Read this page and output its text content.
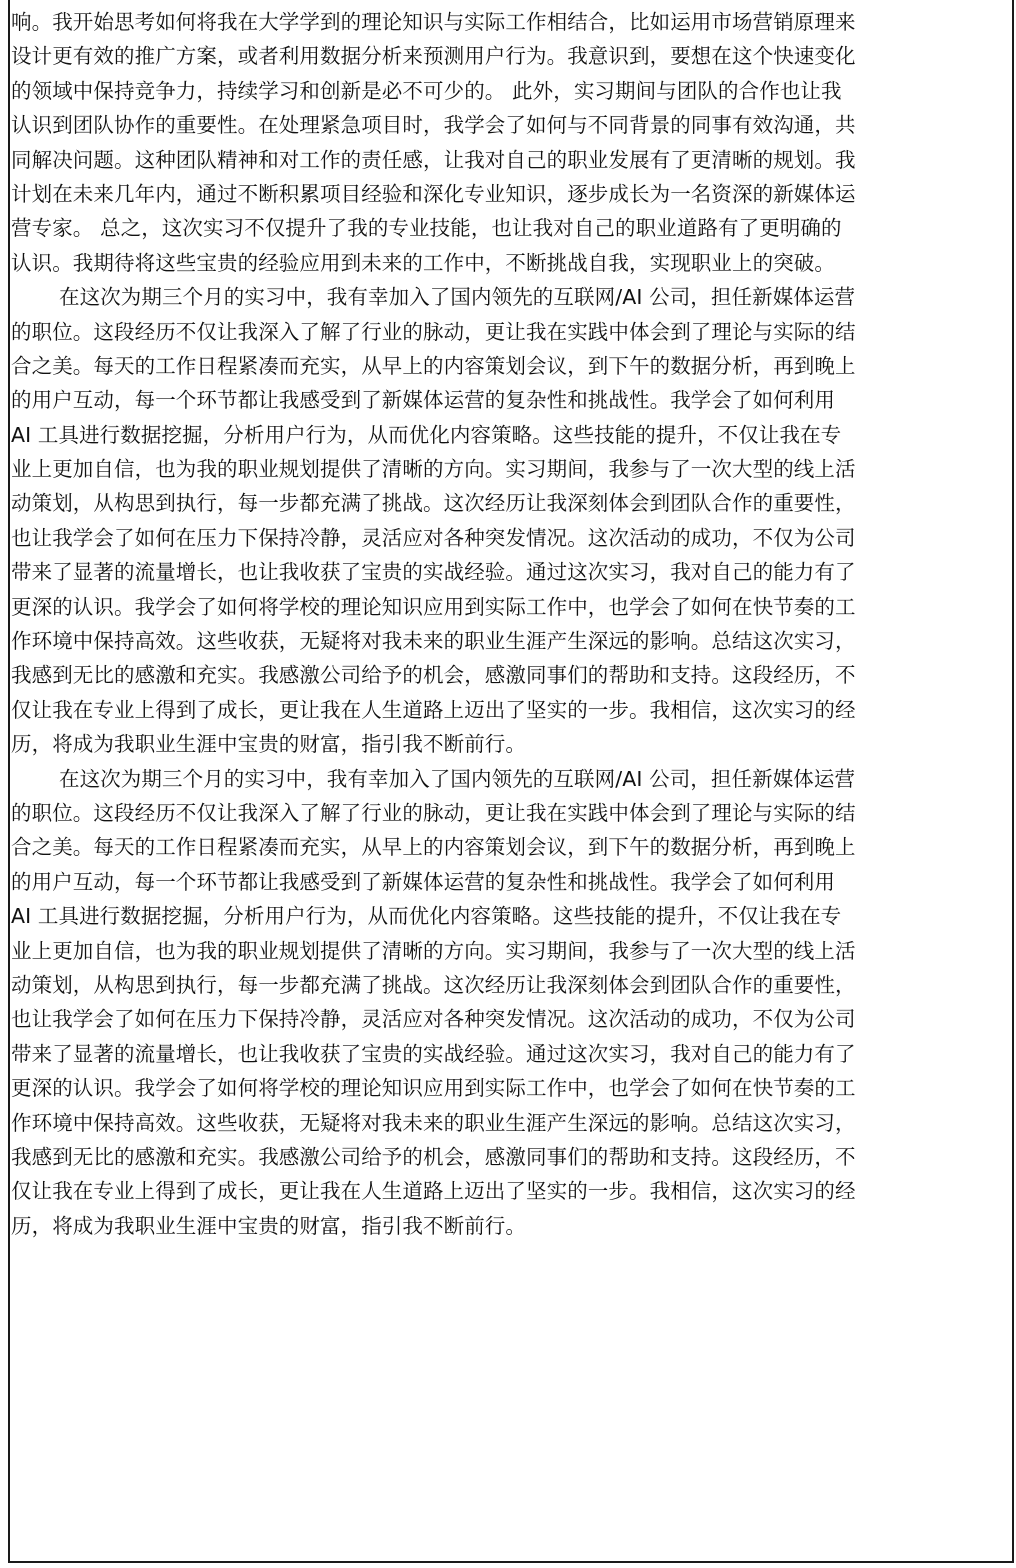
响。我开始思考如何将我在大学学到的理论知识与实际工作相结合，比如运用市场营销原理来
设计更有效的推广方案，或者利用数据分析来预测用户行为。我意识到，要想在这个快速变化
的领域中保持竞争力，持续学习和创新是必不可少的。 此外，实习期间与团队的合作也让我
认识到团队协作的重要性。在处理紧急项目时，我学会了如何与不同背景的同事有效沟通，共
同解决问题。这种团队精神和对工作的责任感，让我对自己的职业发展有了更清晰的规划。我
计划在未来几年内，通过不断积累项目经验和深化专业知识，逐步成长为一名资深的新媒体运
营专家。 总之，这次实习不仅提升了我的专业技能，也让我对自己的职业道路有了更明确的
认识。我期待将这些宝贵的经验应用到未来的工作中，不断挑战自我，实现职业上的突破。
在这次为期三个月的实习中，我有幸加入了国内领先的互联网/AI 公司，担任新媒体运营
的职位。这段经历不仅让我深入了解了行业的脉动，更让我在实践中体会到了理论与实际的结
合之美。每天的工作日程紧凑而充实，从早上的内容策划会议，到下午的数据分析，再到晚上
的用户互动，每一个环节都让我感受到了新媒体运营的复杂性和挑战性。我学会了如何利用
AI 工具进行数据挖掘，分析用户行为，从而优化内容策略。这些技能的提升，不仅让我在专
业上更加自信，也为我的职业规划提供了清晰的方向。实习期间，我参与了一次大型的线上活
动策划，从构思到执行，每一步都充满了挑战。这次经历让我深刻体会到团队合作的重要性，
也让我学会了如何在压力下保持冷静，灵活应对各种突发情况。这次活动的成功，不仅为公司
带来了显著的流量增长，也让我收获了宝贵的实战经验。通过这次实习，我对自己的能力有了
更深的认识。我学会了如何将学校的理论知识应用到实际工作中，也学会了如何在快节奏的工
作环境中保持高效。这些收获，无疑将对我未来的职业生涯产生深远的影响。总结这次实习，
我感到无比的感激和充实。我感激公司给予的机会，感激同事们的帮助和支持。这段经历，不
仅让我在专业上得到了成长，更让我在人生道路上迈出了坚实的一步。我相信，这次实习的经
历，将成为我职业生涯中宝贵的财富，指引我不断前行。
在这次为期三个月的实习中，我有幸加入了国内领先的互联网/AI 公司，担任新媒体运营
的职位。这段经历不仅让我深入了解了行业的脉动，更让我在实践中体会到了理论与实际的结
合之美。每天的工作日程紧凑而充实，从早上的内容策划会议，到下午的数据分析，再到晚上
的用户互动，每一个环节都让我感受到了新媒体运营的复杂性和挑战性。我学会了如何利用
AI 工具进行数据挖掘，分析用户行为，从而优化内容策略。这些技能的提升，不仅让我在专
业上更加自信，也为我的职业规划提供了清晰的方向。实习期间，我参与了一次大型的线上活
动策划，从构思到执行，每一步都充满了挑战。这次经历让我深刻体会到团队合作的重要性，
也让我学会了如何在压力下保持冷静，灵活应对各种突发情况。这次活动的成功，不仅为公司
带来了显著的流量增长，也让我收获了宝贵的实战经验。通过这次实习，我对自己的能力有了
更深的认识。我学会了如何将学校的理论知识应用到实际工作中，也学会了如何在快节奏的工
作环境中保持高效。这些收获，无疑将对我未来的职业生涯产生深远的影响。总结这次实习，
我感到无比的感激和充实。我感激公司给予的机会，感激同事们的帮助和支持。这段经历，不
仅让我在专业上得到了成长，更让我在人生道路上迈出了坚实的一步。我相信，这次实习的经
历，将成为我职业生涯中宝贵的财富，指引我不断前行。
